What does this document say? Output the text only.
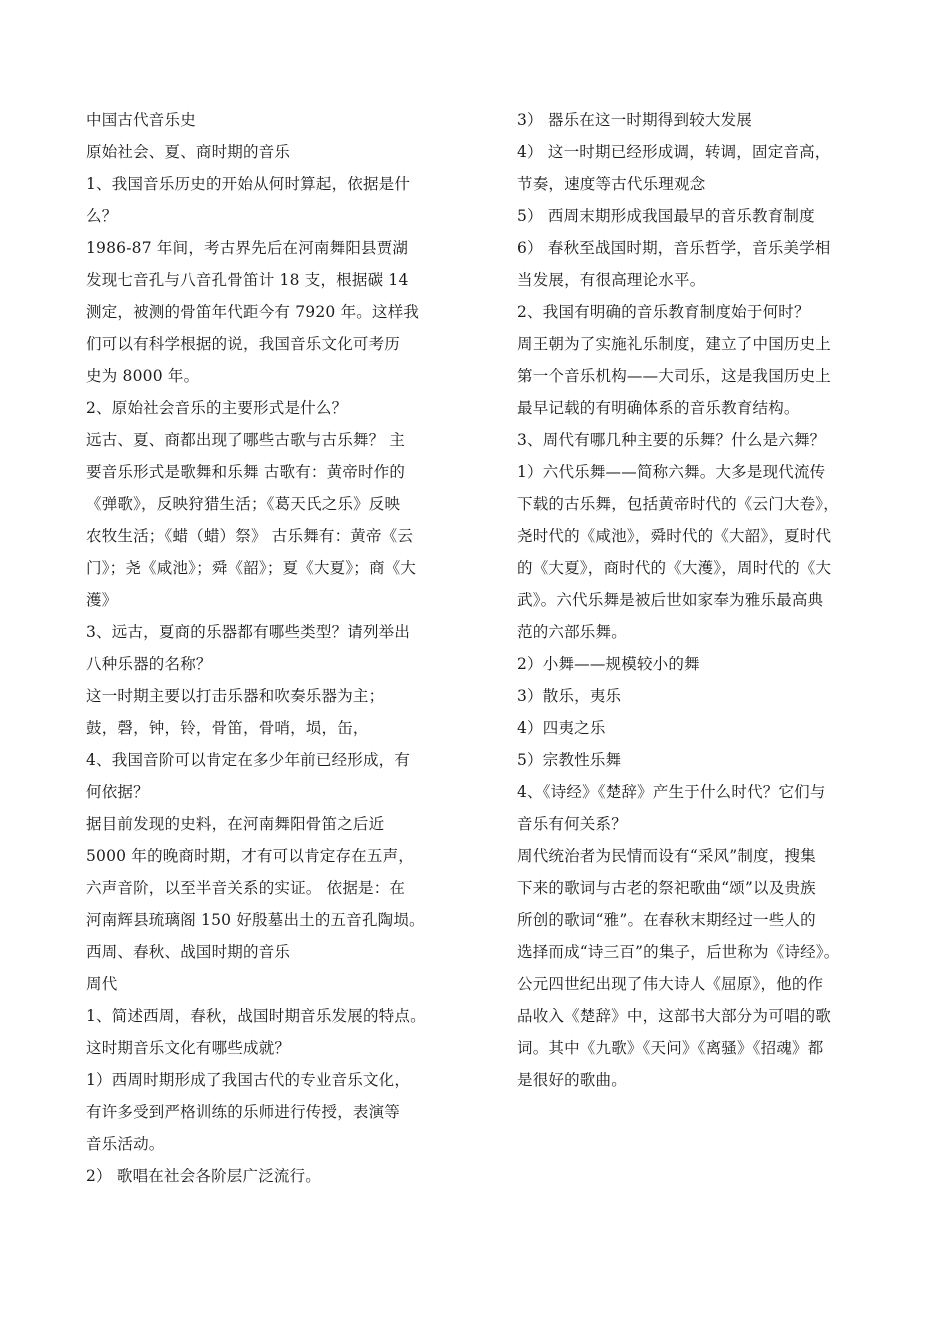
中国古代音乐史
原始社会、夏、商时期的音乐
1、我国音乐历史的开始从何时算起，依据是什
么？
1986-87 年间，考古界先后在河南舞阳县贾湖
发现七音孔与八音孔骨笛计 18 支，根据碳 14
测定，被测的骨笛年代距今有 7920 年。这样我
们可以有科学根据的说，我国音乐文化可考历
史为 8000 年。
2、原始社会音乐的主要形式是什么？
远古、夏、商都出现了哪些古歌与古乐舞？ 主
要音乐形式是歌舞和乐舞 古歌有：黄帝时作的
《弹歌》，反映狩猎生活；《葛天氏之乐》反映
农牧生活；《蜡（蜡）祭》 古乐舞有：黄帝《云
门》；尧《咸池》；舜《韶》；夏《大夏》；商《大
濩》
3、远古，夏商的乐器都有哪些类型？请列举出
八种乐器的名称？
这一时期主要以打击乐器和吹奏乐器为主；
鼓，磬，钟，铃，骨笛，骨哨，埙，缶，
4、我国音阶可以肯定在多少年前已经形成，有
何依据？
据目前发现的史料，在河南舞阳骨笛之后近
5000 年的晚商时期，才有可以肯定存在五声，
六声音阶，以至半音关系的实证。 依据是：在
河南辉县琉璃阁 150 好殷墓出土的五音孔陶埙。
西周、春秋、战国时期的音乐
周代
1、简述西周，春秋，战国时期音乐发展的特点。
这时期音乐文化有哪些成就？
1）西周时期形成了我国古代的专业音乐文化，
有许多受到严格训练的乐师进行传授，表演等
音乐活动。
2） 歌唱在社会各阶层广泛流行。
3） 器乐在这一时期得到较大发展
4） 这一时期已经形成调，转调，固定音高，
节奏，速度等古代乐理观念
5） 西周末期形成我国最早的音乐教育制度
6） 春秋至战国时期，音乐哲学，音乐美学相
当发展，有很高理论水平。
2、我国有明确的音乐教育制度始于何时？
周王朝为了实施礼乐制度，建立了中国历史上
第一个音乐机构——大司乐，这是我国历史上
最早记载的有明确体系的音乐教育结构。
3、周代有哪几种主要的乐舞？什么是六舞？
1）六代乐舞——简称六舞。大多是现代流传
下载的古乐舞，包括黄帝时代的《云门大卷》，
尧时代的《咸池》，舜时代的《大韶》，夏时代
的《大夏》，商时代的《大濩》，周时代的《大
武》。六代乐舞是被后世如家奉为雅乐最高典
范的六部乐舞。
2）小舞——规模较小的舞
3）散乐，夷乐
4）四夷之乐
5）宗教性乐舞
4、《诗经》《楚辞》产生于什么时代？它们与
音乐有何关系？
周代统治者为民情而设有“采风”制度，搜集
下来的歌词与古老的祭祀歌曲“颂”以及贵族
所创的歌词“雅”。在春秋末期经过一些人的
选择而成“诗三百”的集子，后世称为《诗经》。
公元四世纪出现了伟大诗人《屈原》，他的作
品收入《楚辞》中，这部书大部分为可唱的歌
词。其中《九歌》《天问》《离骚》《招魂》都
是很好的歌曲。
